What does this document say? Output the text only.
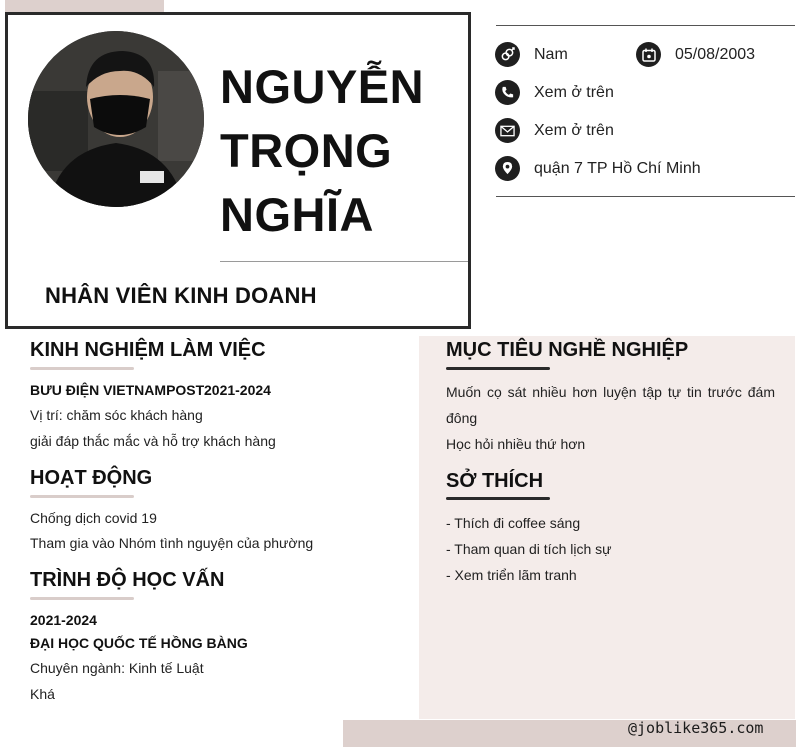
NGUYỄN
TRỌNG
NGHĨA
NHÂN VIÊN KINH DOANH
Nam	05/08/2003
Xem ở trên
Xem ở trên
quận 7 TP Hồ Chí Minh
KINH NGHIỆM LÀM VIỆC
BƯU ĐIỆN VIETNAMPOST 2021-2024
Vị trí: chăm sóc khách hàng
giải đáp thắc mắc và hỗ trợ khách hàng
HOẠT ĐỘNG
Chống dịch covid 19
Tham gia vào Nhóm tình nguyện của phường
TRÌNH ĐỘ HỌC VẤN
2021-2024
ĐẠI HỌC QUỐC TẾ HỒNG BÀNG
Chuyên ngành: Kinh tế Luật
Khá
MỤC TIÊU NGHỀ NGHIỆP
Muốn cọ sát nhiều hơn luyện tập tự tin trước đám đông
Học hỏi nhiều thứ hơn
SỞ THÍCH
- Thích đi coffee sáng
- Tham quan di tích lịch sự
- Xem triển lãm tranh
@joblike365.com
